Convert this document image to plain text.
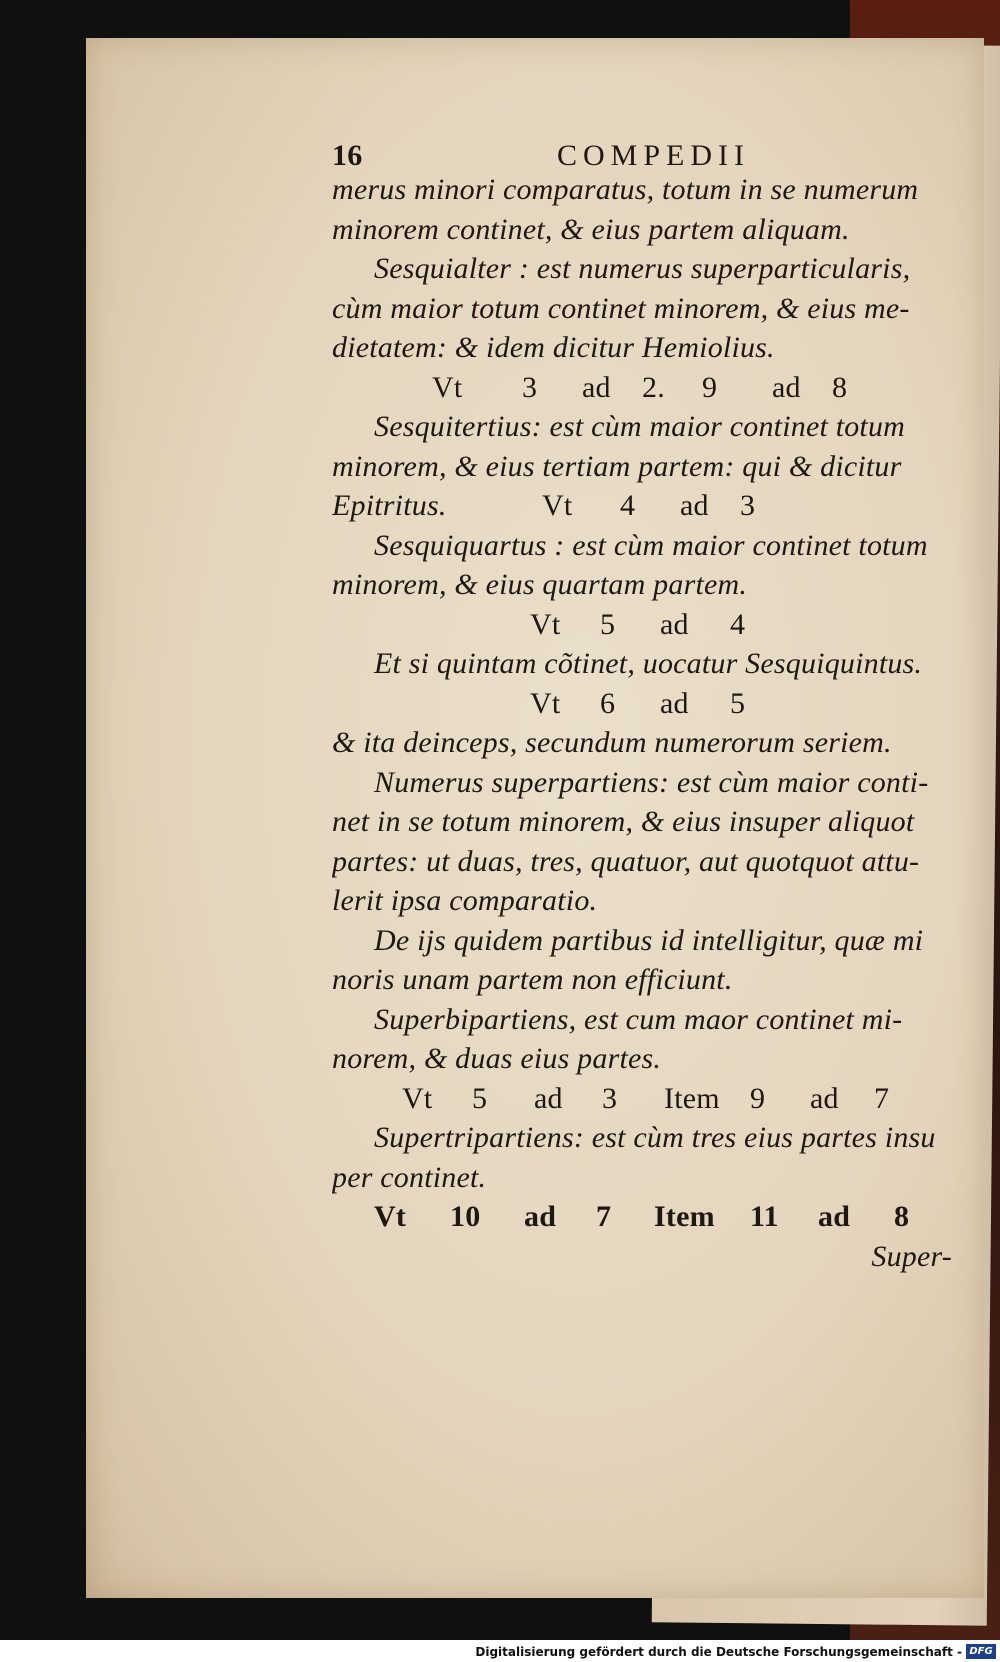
16	COMPEDII
merus minori comparatus, totum in se numerum
minorem continet, & eius partem aliquam.
Sesquialter : est numerus superparticularis,
cùm maior totum continet minorem, & eius me-
dietatem: & idem dicitur Hemiolius.
Vt	3	ad	2.	9	ad	8
Sesquitertius: est cùm maior continet totum
minorem, & eius tertiam partem: qui & dicitur
Epitritus.	Vt	4	ad	3
Sesquiquartus : est cùm maior continet totum
minorem, & eius quartam partem.
Vt	5	ad	4
Et si quintam cõtinet, uocatur Sesquiquintus.
Vt	6	ad	5
& ita deinceps, secundum numerorum seriem.
Numerus superpartiens: est cùm maior conti-
net in se totum minorem, & eius insuper aliquot
partes: ut duas, tres, quatuor, aut quotquot attu-
lerit ipsa comparatio.
De ijs quidem partibus id intelligitur, quæ mi
noris unam partem non efficiunt.
Superbipartiens, est cum maor continet mi-
norem, & duas eius partes.
Vt	5	ad	3	Item	9	ad	7
Supertripartiens: est cùm tres eius partes insu
per continet.
Vt	10	ad	7	Item	11	ad	8
Super-
Digitalisierung gefördert durch die Deutsche Forschungsgemeinschaft - DFG
